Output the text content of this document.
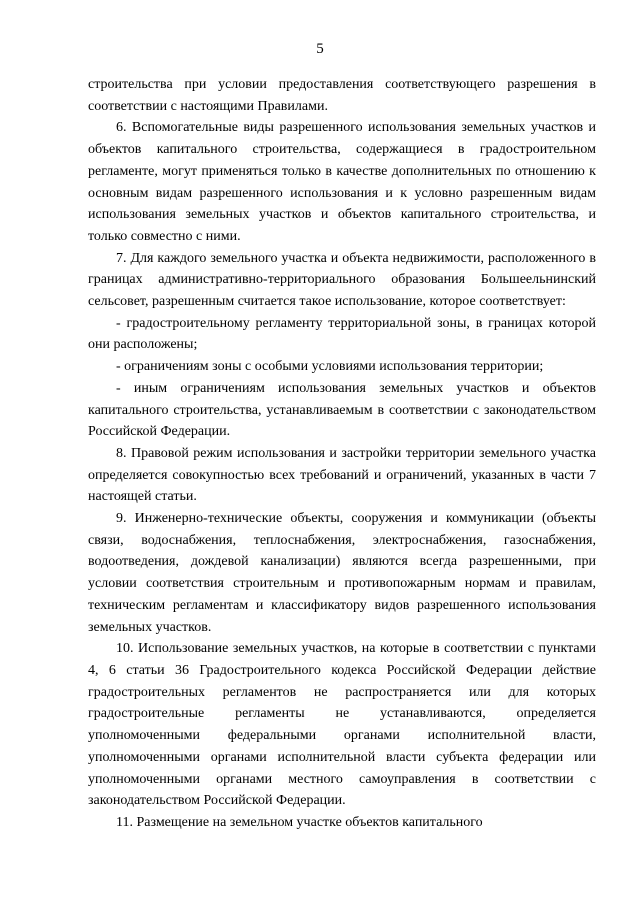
5

строительства при условии предоставления соответствующего разрешения в соответствии с настоящими Правилами.

6. Вспомогательные виды разрешенного использования земельных участков и объектов капитального строительства, содержащиеся в градостроительном регламенте, могут применяться только в качестве дополнительных по отношению к основным видам разрешенного использования и к условно разрешенным видам использования земельных участков и объектов капитального строительства, и только совместно с ними.

7. Для каждого земельного участка и объекта недвижимости, расположенного в границах административно-территориального образования Большеельнинский сельсовет, разрешенным считается такое использование, которое соответствует:

- градостроительному регламенту территориальной зоны, в границах которой они расположены;

- ограничениям зоны с особыми условиями использования территории;

- иным ограничениям использования земельных участков и объектов капитального строительства, устанавливаемым в соответствии с законодательством Российской Федерации.

8. Правовой режим использования и застройки территории земельного участка определяется совокупностью всех требований и ограничений, указанных в части 7 настоящей статьи.

9. Инженерно-технические объекты, сооружения и коммуникации (объекты связи, водоснабжения, теплоснабжения, электроснабжения, газоснабжения, водоотведения, дождевой канализации) являются всегда разрешенными, при условии соответствия строительным и противопожарным нормам и правилам, техническим регламентам и классификатору видов разрешенного использования земельных участков.

10. Использование земельных участков, на которые в соответствии с пунктами 4, 6 статьи 36 Градостроительного кодекса Российской Федерации действие градостроительных регламентов не распространяется или для которых градостроительные регламенты не устанавливаются, определяется уполномоченными федеральными органами исполнительной власти, уполномоченными органами исполнительной власти субъекта федерации или уполномоченными органами местного самоуправления в соответствии с законодательством Российской Федерации.

11. Размещение на земельном участке объектов капитального
